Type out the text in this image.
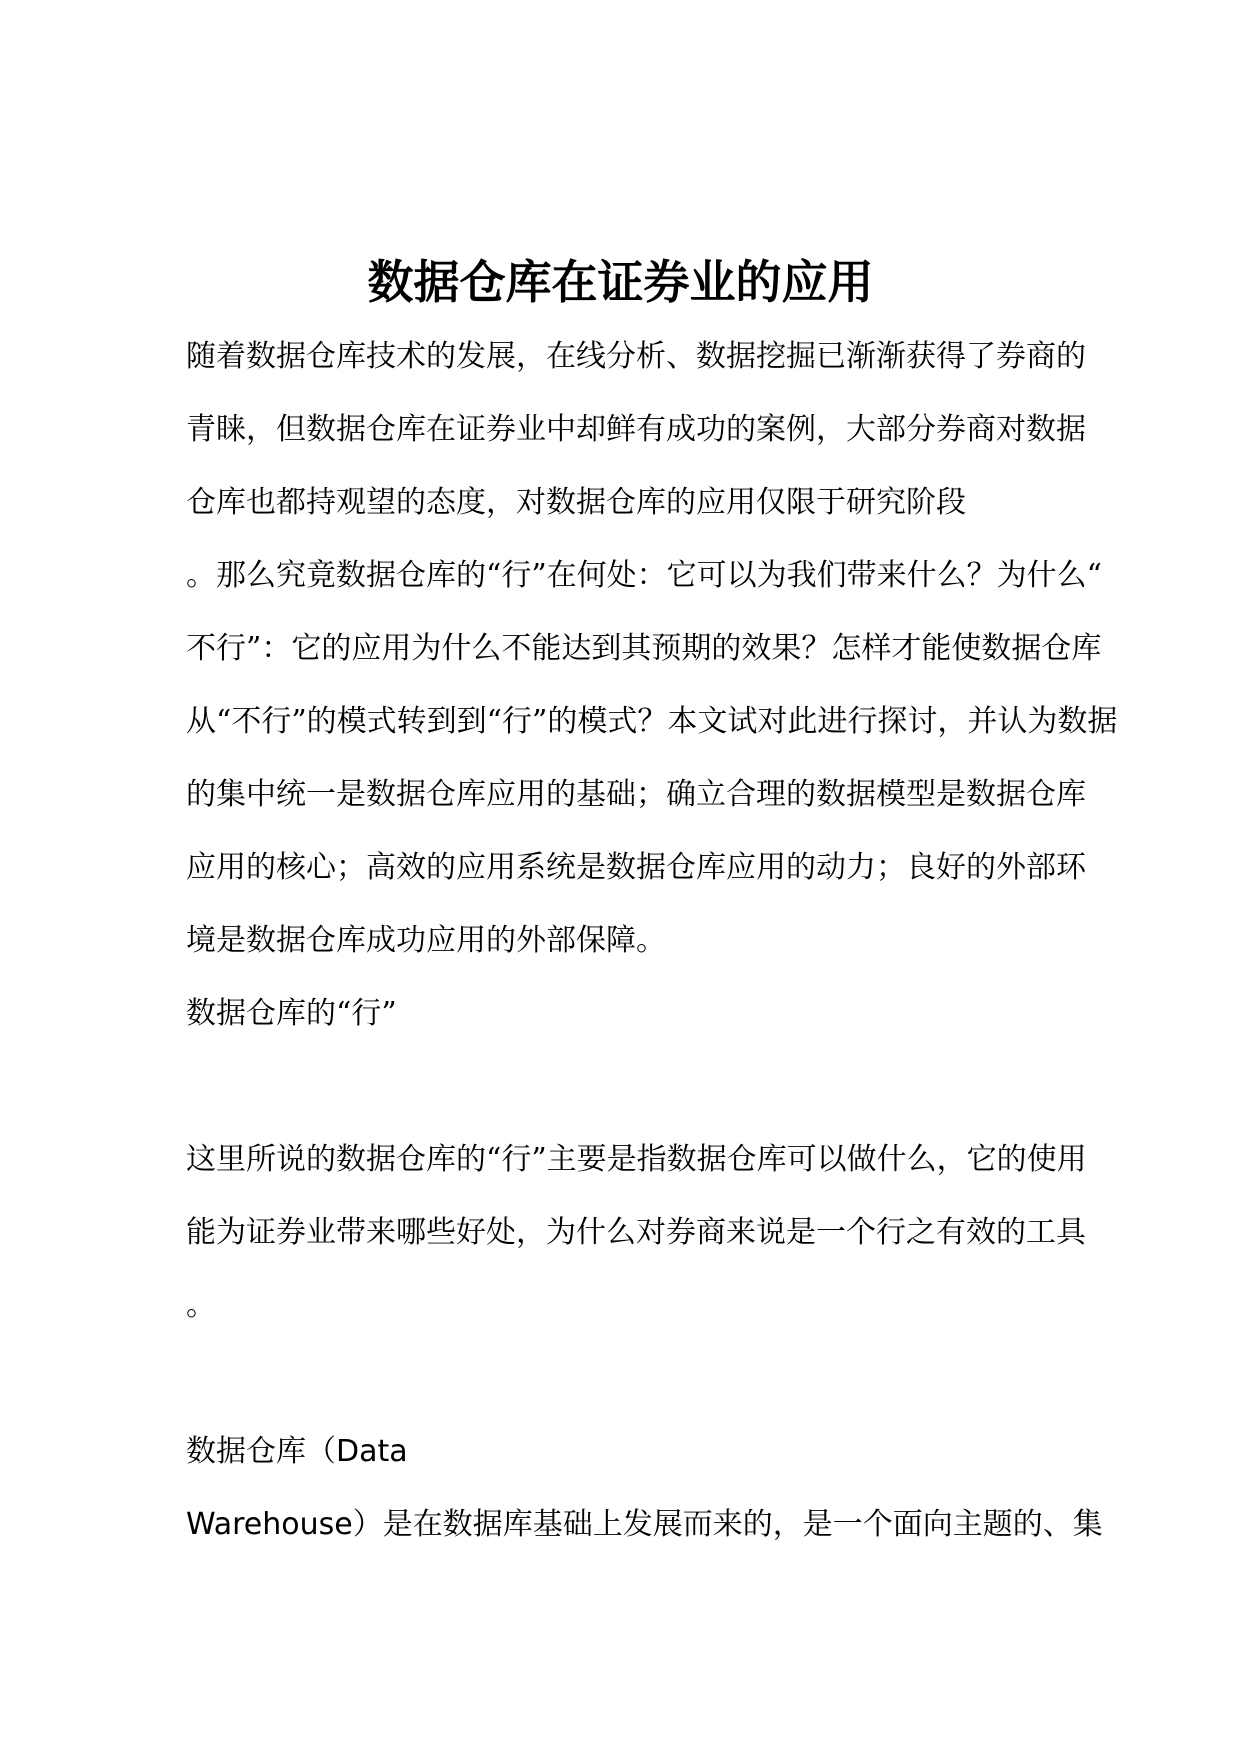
数据仓库在证券业的应用
随着数据仓库技术的发展，在线分析、数据挖掘已渐渐获得了券商的
青睐，但数据仓库在证券业中却鲜有成功的案例，大部分券商对数据
仓库也都持观望的态度，对数据仓库的应用仅限于研究阶段
。那么究竟数据仓库的“行”在何处：它可以为我们带来什么？为什么“
不行”：它的应用为什么不能达到其预期的效果？怎样才能使数据仓库
从“不行”的模式转到到“行”的模式？本文试对此进行探讨，并认为数据
的集中统一是数据仓库应用的基础；确立合理的数据模型是数据仓库
应用的核心；高效的应用系统是数据仓库应用的动力；良好的外部环
境是数据仓库成功应用的外部保障。
数据仓库的“行”
这里所说的数据仓库的“行”主要是指数据仓库可以做什么，它的使用
能为证券业带来哪些好处，为什么对券商来说是一个行之有效的工具
。
数据仓库（Data
Warehouse）是在数据库基础上发展而来的，是一个面向主题的、集
